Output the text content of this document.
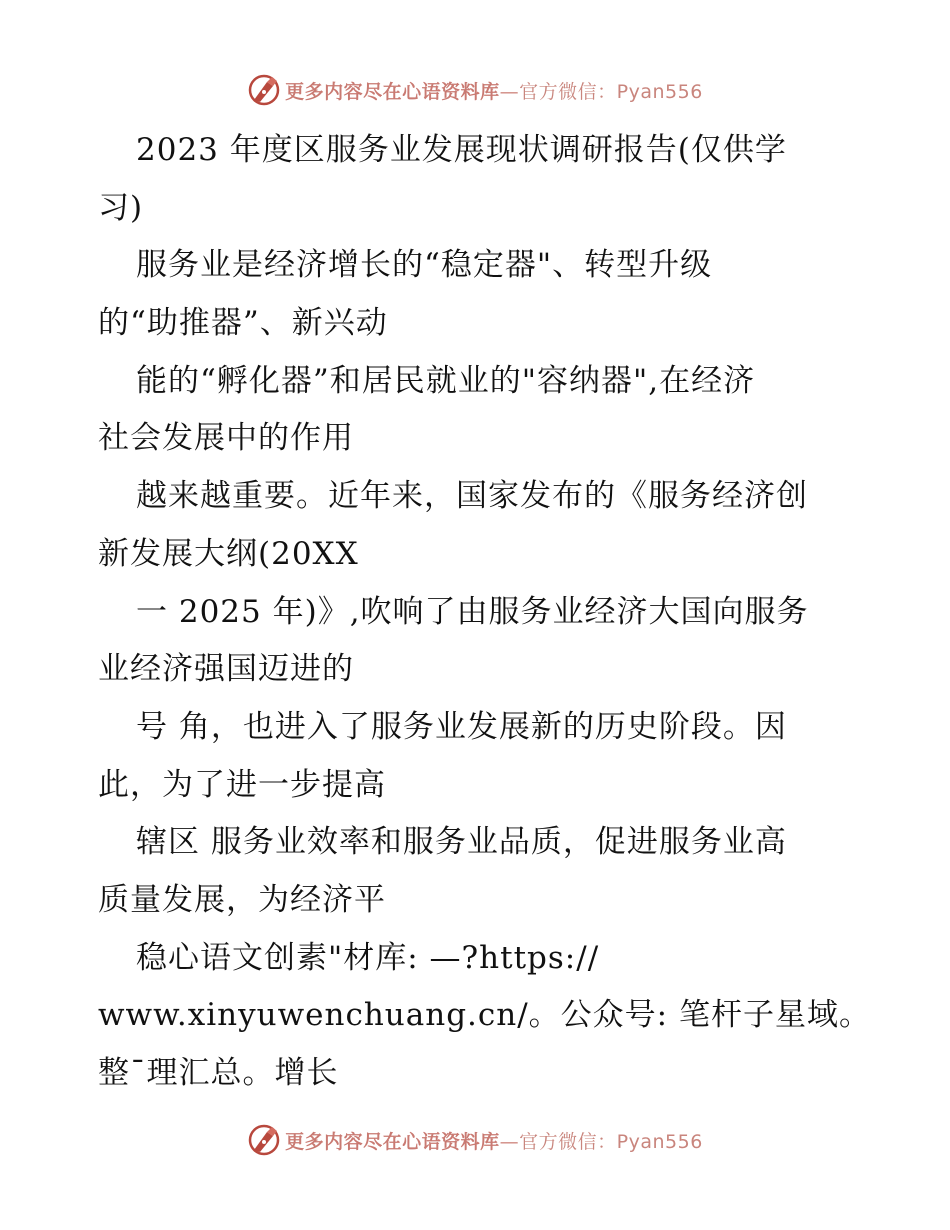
更多内容尽在心语资料库—官方微信：Pyan556
2023 年度区服务业发展现状调研报告(仅供学
习)
服务业是经济增长的“稳定器"、转型升级
的“助推器”、新兴动
能的“孵化器”和居民就业的"容纳器",在经济
社会发展中的作用
越来越重要。近年来，国家发布的《服务经济创
新发展大纲(20XX
一 2025 年)》,吹响了由服务业经济大国向服务
业经济强国迈进的
号 角，也进入了服务业发展新的历史阶段。因
此，为了进一步提高
辖区 服务业效率和服务业品质，促进服务业高
质量发展，为经济平
稳心语文创素"材库: —?https://
www.xinyuwenchuang.cn/。公众号: 笔杆子星域。
整¯理汇总。增长
更多内容尽在心语资料库—官方微信：Pyan556
